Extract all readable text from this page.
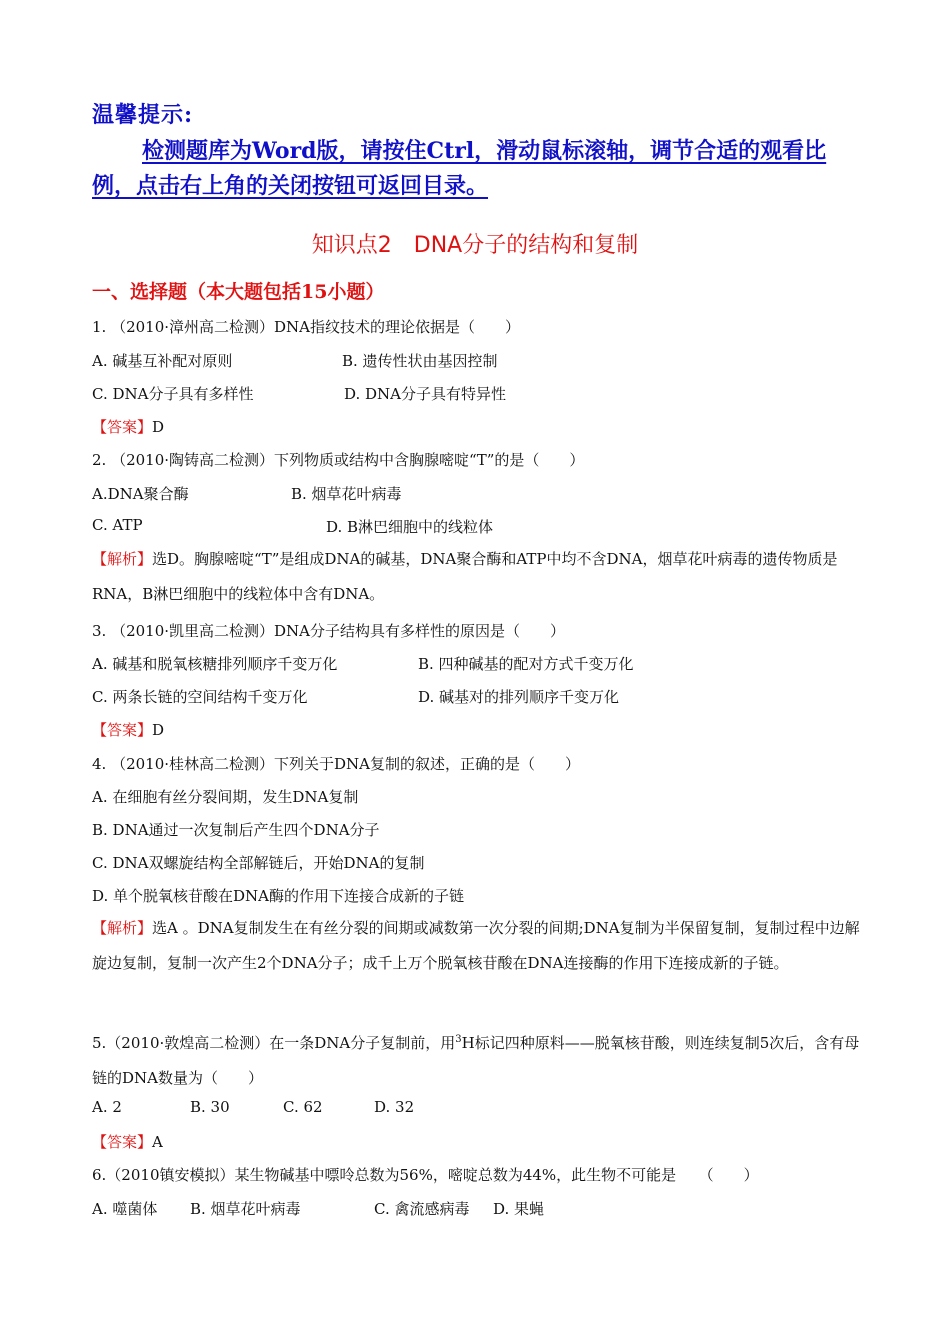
温馨提示:
检测题库为Word版，请按住Ctrl，滑动鼠标滚轴，调节合适的观看比例，点击右上角的关闭按钮可返回目录。
知识点2　DNA分子的结构和复制
一、选择题（本大题包括15小题）
1. （2010·漳州高二检测）DNA指纹技术的理论依据是（　　）
A. 碱基互补配对原则	B. 遗传性状由基因控制
C. DNA分子具有多样性	D. DNA分子具有特异性
【答案】D
2. （2010·陶铸高二检测）下列物质或结构中含胸腺嘧啶“T”的是（　　）
A.DNA聚合酶	B. 烟草花叶病毒
C. ATP	D. B淋巴细胞中的线粒体
【解析】选D。胸腺嘧啶“T”是组成DNA的碱基，DNA聚合酶和ATP中均不含DNA，烟草花叶病毒的遗传物质是RNA，B淋巴细胞中的线粒体中含有DNA。
3. （2010·凯里高二检测）DNA分子结构具有多样性的原因是（　　）
A. 碱基和脱氧核糖排列顺序千变万化	B. 四种碱基的配对方式千变万化
C. 两条长链的空间结构千变万化	D. 碱基对的排列顺序千变万化
【答案】D
4. （2010·桂林高二检测）下列关于DNA复制的叙述，正确的是（　　）
A. 在细胞有丝分裂间期，发生DNA复制
B. DNA通过一次复制后产生四个DNA分子
C. DNA双螺旋结构全部解链后，开始DNA的复制
D. 单个脱氧核苷酸在DNA酶的作用下连接合成新的子链
【解析】选A 。DNA复制发生在有丝分裂的间期或减数第一次分裂的间期;DNA复制为半保留复制，复制过程中边解旋边复制，复制一次产生2个DNA分子；成千上万个脱氧核苷酸在DNA连接酶的作用下连接成新的子链。
5.（2010·敦煌高二检测）在一条DNA分子复制前，用$^3$H标记四种原料——脱氧核苷酸，则连续复制5次后，含有母链的DNA数量为（　　）
A. 2	B. 30	C. 62	D. 32
【答案】A
6.（2010镇安模拟）某生物碱基中嘌呤总数为56%，嘧啶总数为44%，此生物不可能是　　（　　）
A. 噬菌体 B. 烟草花叶病毒	C. 禽流感病毒 D. 果蝇
